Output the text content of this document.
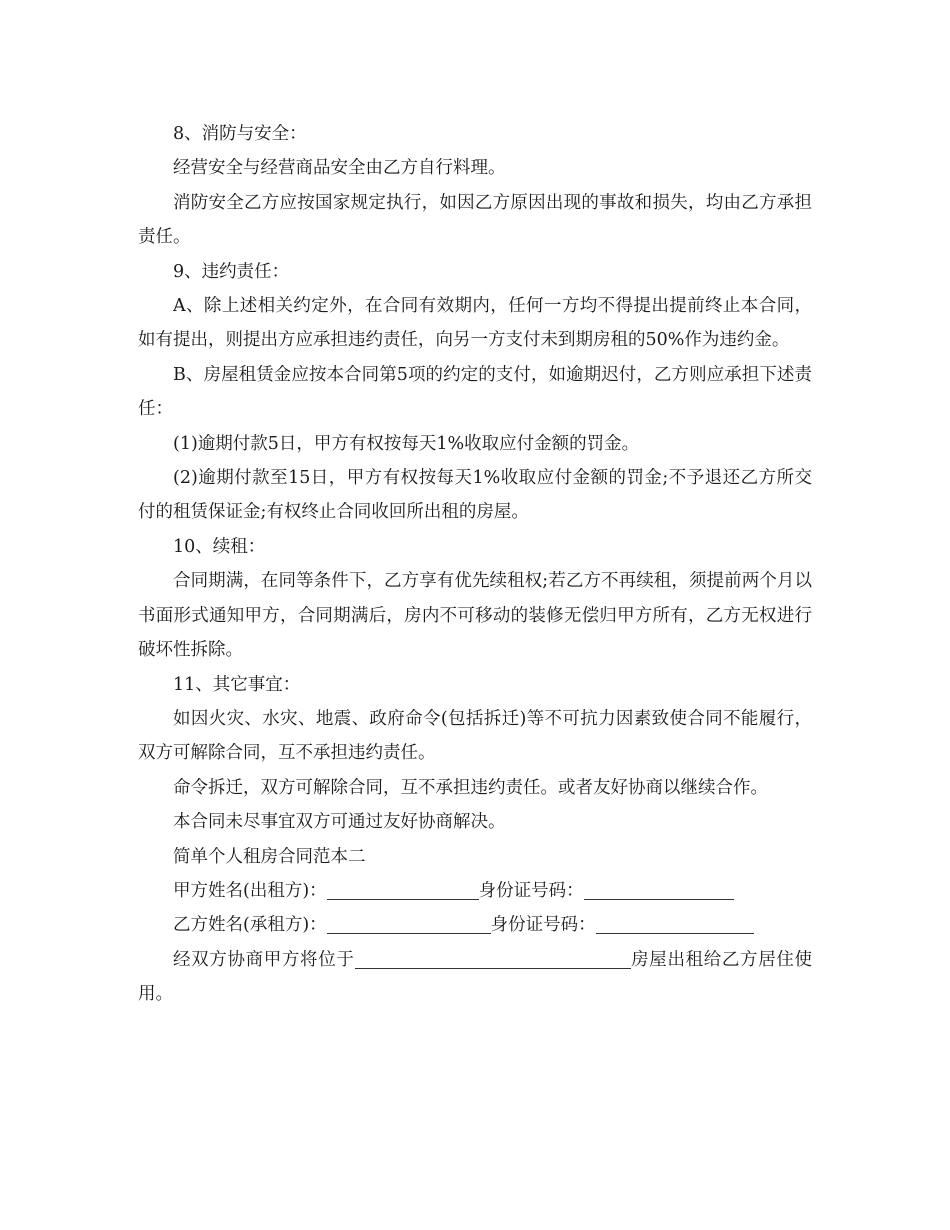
8、消防与安全：

经营安全与经营商品安全由乙方自行料理。

消防安全乙方应按国家规定执行，如因乙方原因出现的事故和损失，均由乙方承担责任。

9、违约责任：

A、除上述相关约定外，在合同有效期内，任何一方均不得提出提前终止本合同，如有提出，则提出方应承担违约责任，向另一方支付未到期房租的50%作为违约金。

B、房屋租赁金应按本合同第5项的约定的支付，如逾期迟付，乙方则应承担下述责任：

(1)逾期付款5日，甲方有权按每天1%收取应付金额的罚金。

(2)逾期付款至15日，甲方有权按每天1%收取应付金额的罚金;不予退还乙方所交付的租赁保证金;有权终止合同收回所出租的房屋。

10、续租：

合同期满，在同等条件下，乙方享有优先续租权;若乙方不再续租，须提前两个月以书面形式通知甲方，合同期满后，房内不可移动的装修无偿归甲方所有，乙方无权进行破坏性拆除。

11、其它事宜：

如因火灾、水灾、地震、政府命令(包括拆迁)等不可抗力因素致使合同不能履行，双方可解除合同，互不承担违约责任。

命令拆迁，双方可解除合同，互不承担违约责任。或者友好协商以继续合作。

本合同未尽事宜双方可通过友好协商解决。

简单个人租房合同范本二

甲方姓名(出租方)：	身份证号码：

乙方姓名(承租方)：	身份证号码：

经双方协商甲方将位于	房屋出租给乙方居住使用。
